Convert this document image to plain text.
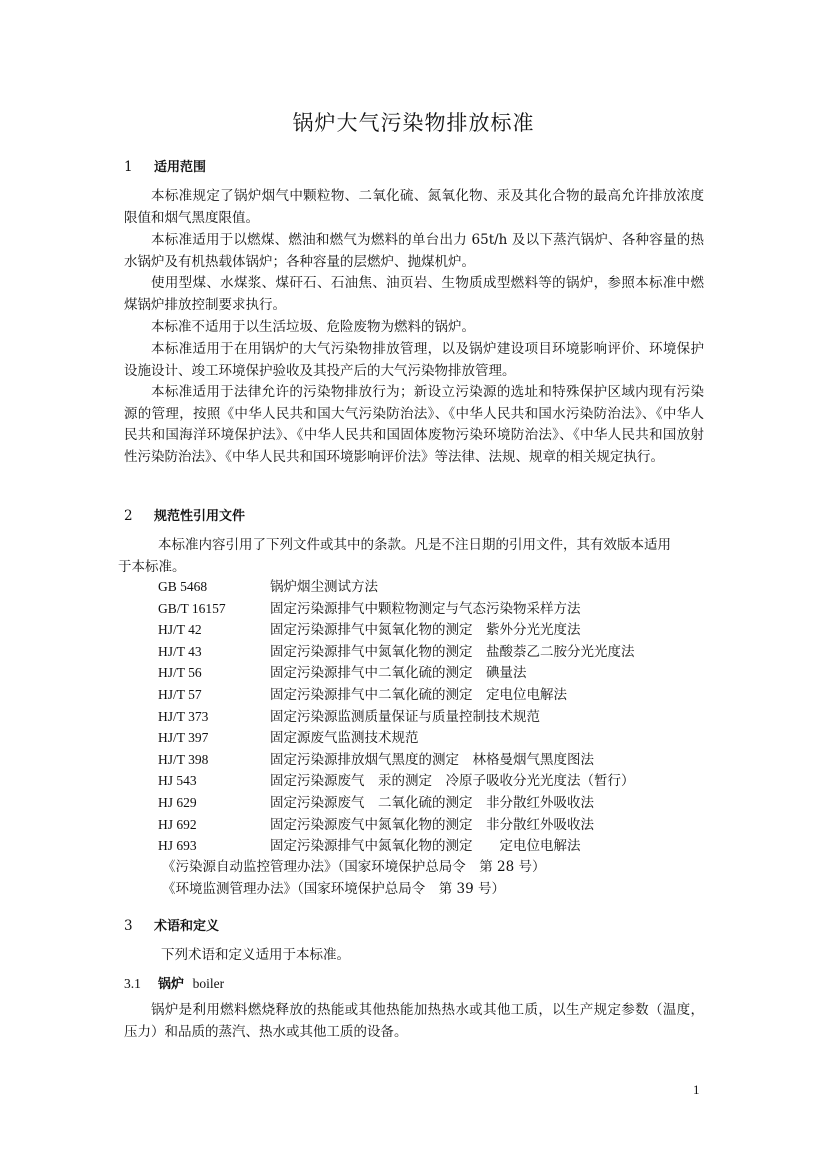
锅炉大气污染物排放标准
1 适用范围

本标准规定了锅炉烟气中颗粒物、二氧化硫、氮氧化物、汞及其化合物的最高允许排放浓度限值和烟气黑度限值。

本标准适用于以燃煤、燃油和燃气为燃料的单台出力 65t/h 及以下蒸汽锅炉、各种容量的热水锅炉及有机热载体锅炉；各种容量的层燃炉、抛煤机炉。

使用型煤、水煤浆、煤矸石、石油焦、油页岩、生物质成型燃料等的锅炉，参照本标准中燃煤锅炉排放控制要求执行。

本标准不适用于以生活垃圾、危险废物为燃料的锅炉。

本标准适用于在用锅炉的大气污染物排放管理，以及锅炉建设项目环境影响评价、环境保护设施设计、竣工环境保护验收及其投产后的大气污染物排放管理。

本标准适用于法律允许的污染物排放行为；新设立污染源的选址和特殊保护区域内现有污染源的管理，按照《中华人民共和国大气污染防治法》、《中华人民共和国水污染防治法》、《中华人民共和国海洋环境保护法》、《中华人民共和国固体废物污染环境防治法》、《中华人民共和国放射性污染防治法》、《中华人民共和国环境影响评价法》等法律、法规、规章的相关规定执行。

2 规范性引用文件

本标准内容引用了下列文件或其中的条款。凡是不注日期的引用文件，其有效版本适用于本标准。

GB 5468	锅炉烟尘测试方法
GB/T 16157	固定污染源排气中颗粒物测定与气态污染物采样方法
HJ/T 42	固定污染源排气中氮氧化物的测定　紫外分光光度法
HJ/T 43	固定污染源排气中氮氧化物的测定　盐酸萘乙二胺分光光度法
HJ/T 56	固定污染源排气中二氧化硫的测定　碘量法
HJ/T 57	固定污染源排气中二氧化硫的测定　定电位电解法
HJ/T 373	固定污染源监测质量保证与质量控制技术规范
HJ/T 397	固定源废气监测技术规范
HJ/T 398	固定污染源排放烟气黑度的测定　林格曼烟气黑度图法
HJ 543	固定污染源废气　汞的测定　冷原子吸收分光光度法（暂行）
HJ 629	固定污染源废气　二氧化硫的测定　非分散红外吸收法
HJ 692	固定污染源废气中氮氧化物的测定　非分散红外吸收法
HJ 693	固定污染源排气中氮氧化物的测定　　定电位电解法
《污染源自动监控管理办法》（国家环境保护总局令　第 28 号）
《环境监测管理办法》（国家环境保护总局令　第 39 号）
3 术语和定义

下列术语和定义适用于本标准。

3.1 锅炉 boiler

锅炉是利用燃料燃烧释放的热能或其他热能加热热水或其他工质，以生产规定参数（温度，压力）和品质的蒸汽、热水或其他工质的设备。

1
